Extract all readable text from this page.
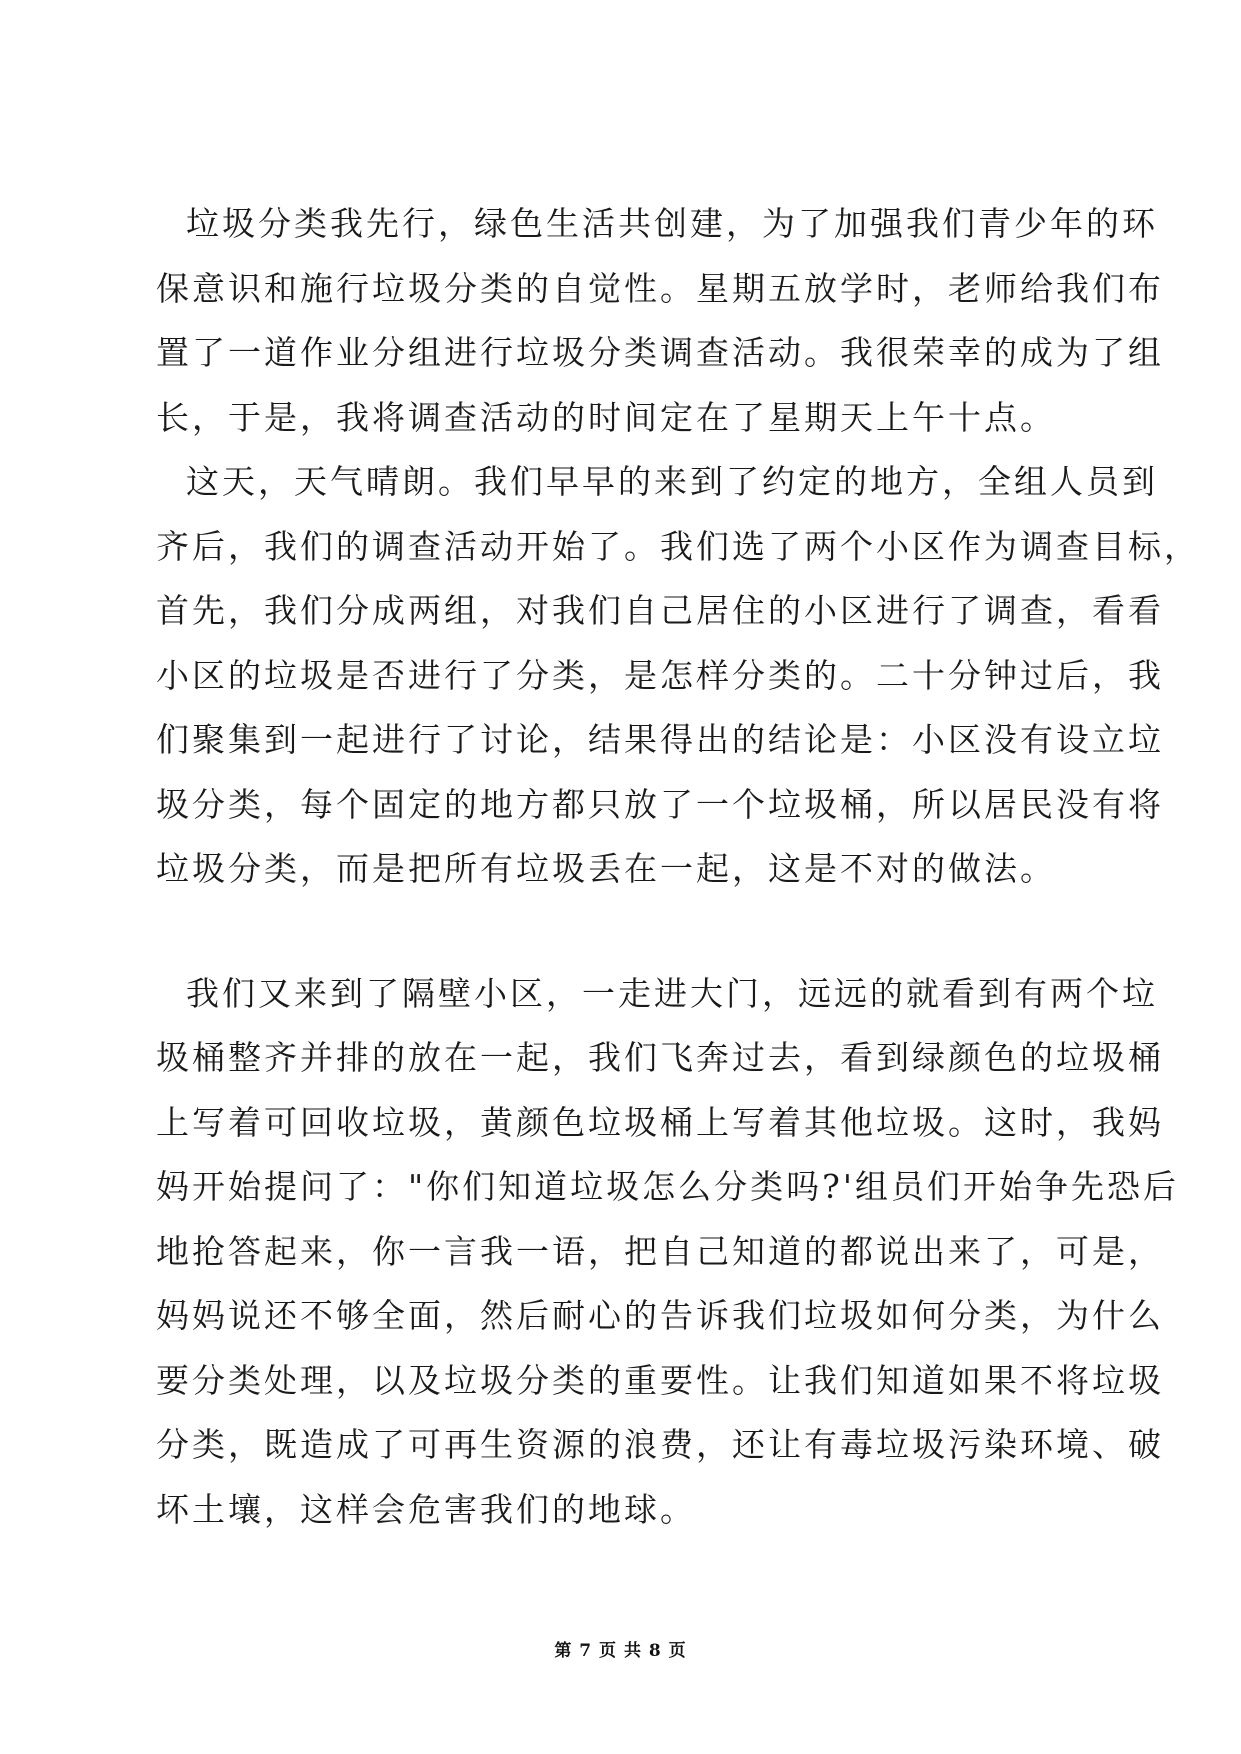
垃圾分类我先行，绿色生活共创建，为了加强我们青少年的环
保意识和施行垃圾分类的自觉性。星期五放学时，老师给我们布
置了一道作业分组进行垃圾分类调查活动。我很荣幸的成为了组
长，于是，我将调查活动的时间定在了星期天上午十点。
这天，天气晴朗。我们早早的来到了约定的地方，全组人员到
齐后，我们的调查活动开始了。我们选了两个小区作为调查目标，
首先，我们分成两组，对我们自己居住的小区进行了调查，看看
小区的垃圾是否进行了分类，是怎样分类的。二十分钟过后，我
们聚集到一起进行了讨论，结果得出的结论是：小区没有设立垃
圾分类，每个固定的地方都只放了一个垃圾桶，所以居民没有将
垃圾分类，而是把所有垃圾丢在一起，这是不对的做法。
我们又来到了隔壁小区，一走进大门，远远的就看到有两个垃
圾桶整齐并排的放在一起，我们飞奔过去，看到绿颜色的垃圾桶
上写着可回收垃圾，黄颜色垃圾桶上写着其他垃圾。这时，我妈
妈开始提问了："你们知道垃圾怎么分类吗?'组员们开始争先恐后
地抢答起来，你一言我一语，把自己知道的都说出来了，可是，
妈妈说还不够全面，然后耐心的告诉我们垃圾如何分类，为什么
要分类处理，以及垃圾分类的重要性。让我们知道如果不将垃圾
分类，既造成了可再生资源的浪费，还让有毒垃圾污染环境、破
坏土壤，这样会危害我们的地球。
第 7 页 共 8 页
